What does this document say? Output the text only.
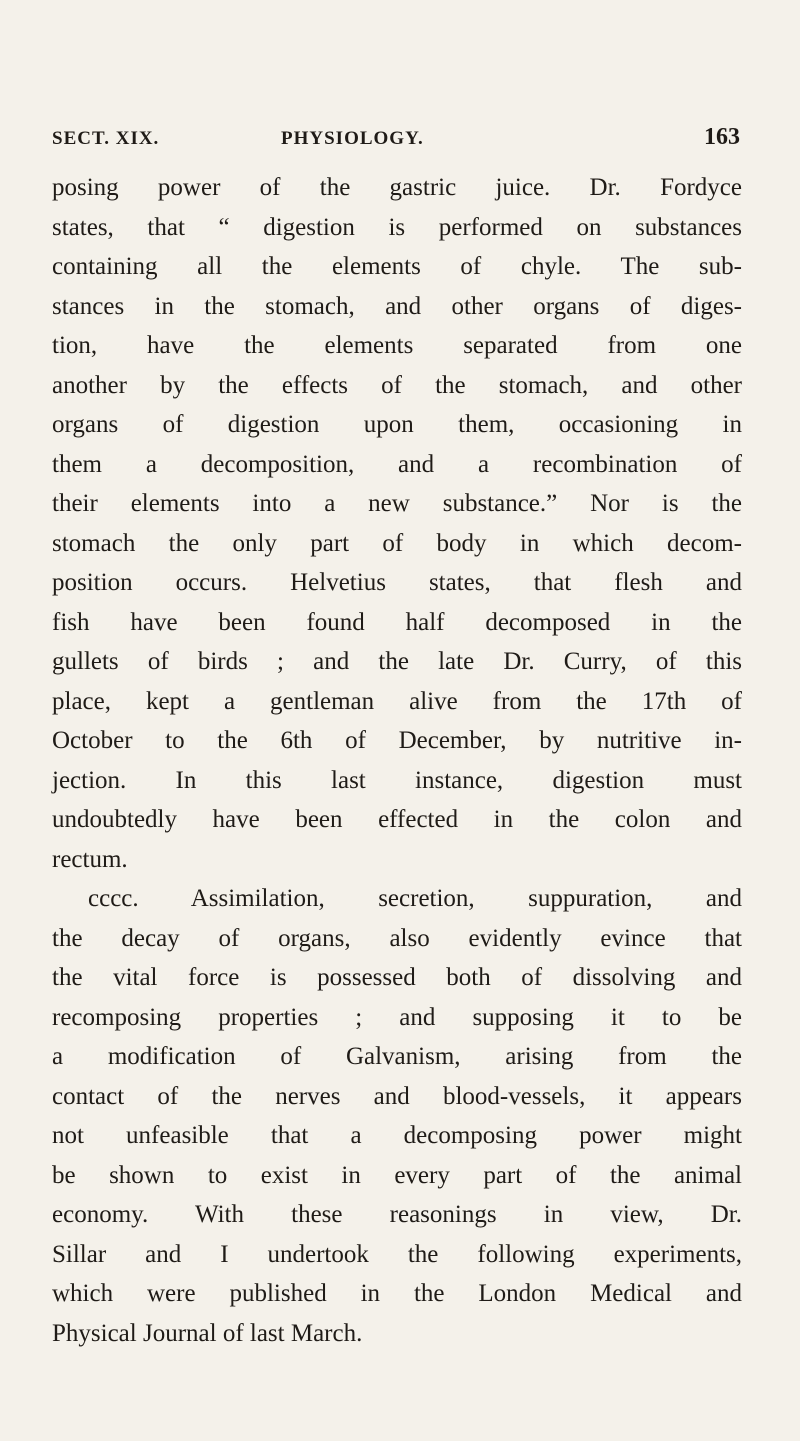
SECT. XIX.	PHYSIOLOGY.	163
posing power of the gastric juice. Dr. Fordyce
states, that “ digestion is performed on substances
containing all the elements of chyle. The sub-
stances in the stomach, and other organs of diges-
tion, have the elements separated from one
another by the effects of the stomach, and other
organs of digestion upon them, occasioning in
them a decomposition, and a recombination of
their elements into a new substance.” Nor is the
stomach the only part of body in which decom-
position occurs. Helvetius states, that flesh and
fish have been found half decomposed in the
gullets of birds ; and the late Dr. Curry, of this
place, kept a gentleman alive from the 17th of
October to the 6th of December, by nutritive in-
jection. In this last instance, digestion must
undoubtedly have been effected in the colon and
rectum.
cccc. Assimilation, secretion, suppuration, and
the decay of organs, also evidently evince that
the vital force is possessed both of dissolving and
recomposing properties ; and supposing it to be
a modification of Galvanism, arising from the
contact of the nerves and blood-vessels, it appears
not unfeasible that a decomposing power might
be shown to exist in every part of the animal
economy. With these reasonings in view, Dr.
Sillar and I undertook the following experiments,
which were published in the London Medical and
Physical Journal of last March.
